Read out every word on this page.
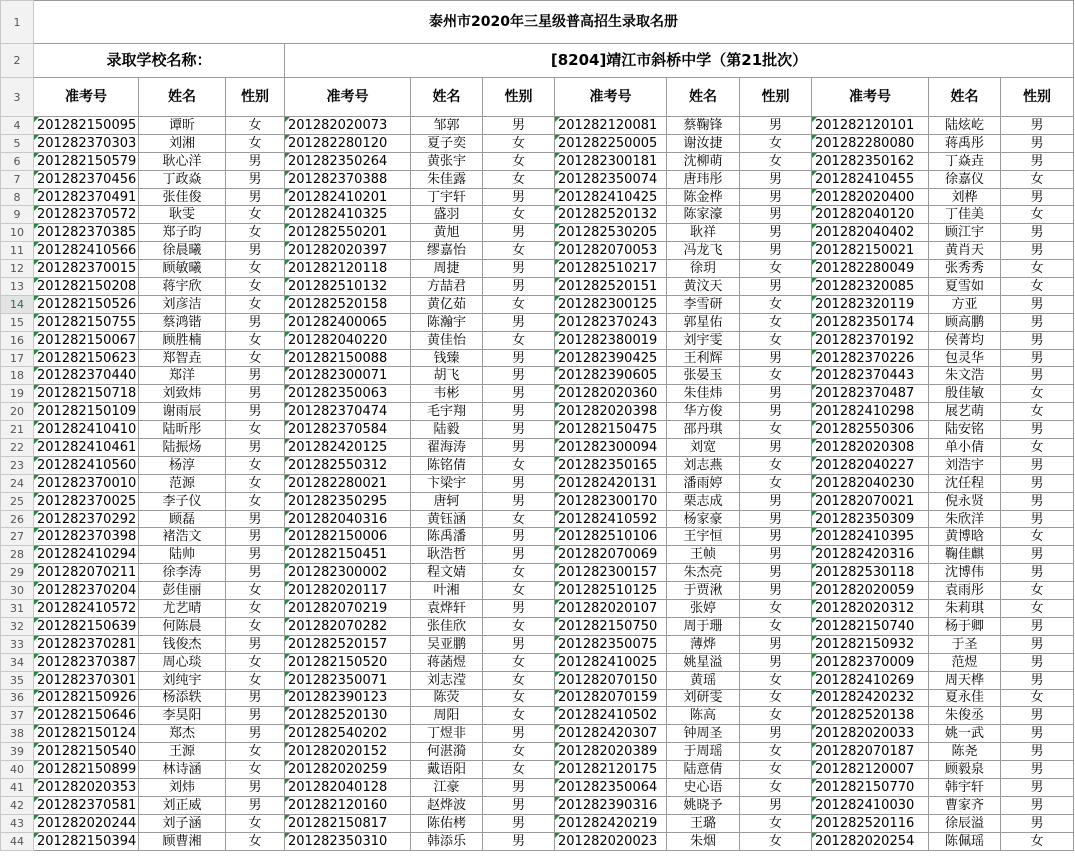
1	泰州市2020年三星级普高招生录取名册											
2	录取学校名称：			[8204]靖江市斜桥中学（第21批次）								
3	准考号	姓名	性别	准考号	姓名	性别	准考号	姓名	性别	准考号	姓名	性别
4	201282150095	谭昕	女	201282020073	邹郭	男	201282120081	蔡鞠锋	男	201282120101	陆炫屹	男
5	201282370303	刘湘	女	201282280120	夏子奕	女	201282250005	谢汝捷	女	201282280080	蒋禹彤	男
6	201282150579	耿心洋	男	201282350264	黄张宇	女	201282300181	沈柳萌	女	201282350162	丁焱垚	男
7	201282370456	丁政焱	男	201282370388	朱佳露	女	201282350074	唐玮彤	男	201282410455	徐嘉仪	女
8	201282370491	张佳俊	男	201282410201	丁宇轩	男	201282410425	陈金桦	男	201282020400	刘桦	男
9	201282370572	耿雯	女	201282410325	盛羽	女	201282520132	陈家濠	男	201282040120	丁佳美	女
10	201282370385	郑子昀	女	201282550201	黄旭	男	201282530205	耿祥	男	201282040402	顾江宇	男
11	201282410566	徐晨曦	男	201282020397	缪嘉怡	女	201282070053	冯龙飞	男	201282150021	黄肖天	男
12	201282370015	顾敏曦	女	201282120118	周捷	男	201282510217	徐玥	女	201282280049	张秀秀	女
13	201282150208	蒋宇欣	女	201282510132	方喆君	男	201282520151	黄汶天	男	201282320085	夏雪如	女
14	201282150526	刘彦洁	女	201282520158	黄亿茹	女	201282300125	李雪研	女	201282320119	方亚	男
15	201282150755	蔡鸿锴	男	201282400065	陈瀚宇	男	201282370243	郭星佑	女	201282350174	顾高鹏	男
16	201282150067	顾胜楠	女	201282040220	黄佳怡	女	201282380019	刘宇雯	女	201282370192	侯菁均	男
17	201282150623	郑智垚	女	201282150088	钱臻	男	201282390425	王利辉	男	201282370226	包灵华	男
18	201282370440	郑洋	男	201282300071	胡飞	男	201282390605	张晏玉	女	201282370443	朱文浩	男
19	201282150718	刘致炜	男	201282350063	韦彬	男	201282020360	朱佳炜	男	201282370487	殷佳敏	女
20	201282150109	谢雨辰	男	201282370474	毛宇翔	男	201282020398	华方俊	男	201282410298	展艺萌	女
21	201282410410	陆昕彤	女	201282370584	陆毅	男	201282150475	邵丹琪	女	201282550306	陆安铭	男
22	201282410461	陆振炀	男	201282420125	翟海涛	男	201282300094	刘宽	男	201282020308	单小倩	女
23	201282410560	杨淳	女	201282550312	陈铭倩	女	201282350165	刘志燕	女	201282040227	刘浩宇	男
24	201282370010	范源	女	201282280021	卞梁宇	男	201282420131	潘雨婷	女	201282040230	沈任程	男
25	201282370025	李子仪	女	201282350295	唐轲	男	201282300170	栗志成	男	201282070021	倪永贤	男
26	201282370292	顾磊	男	201282040316	黄钰涵	女	201282410592	杨家豪	男	201282350309	朱欣洋	男
27	201282370398	褚浩文	男	201282150006	陈禹潘	男	201282510106	王宇恒	男	201282410395	黄博晗	女
28	201282410294	陆帅	男	201282150451	耿浩哲	男	201282070069	王帧	男	201282420316	鞠佳麒	男
29	201282070211	徐李涛	男	201282300002	程文婧	女	201282300157	朱杰亮	男	201282530118	沈博伟	男
30	201282370204	彭佳丽	女	201282020117	叶湘	女	201282510125	于贾湫	男	201282020059	袁雨彤	女
31	201282410572	尤艺晴	女	201282070219	袁烨轩	男	201282020107	张婷	女	201282020312	朱莉琪	女
32	201282150639	何陈晨	女	201282070282	张佳欣	女	201282150750	周于珊	女	201282150740	杨于卿	男
33	201282370281	钱俊杰	男	201282520157	吴亚鹏	男	201282350075	薄烨	男	201282150932	于圣	男
34	201282370387	周心琰	女	201282150520	蒋菡煜	女	201282410025	姚星溢	男	201282370009	范煜	男
35	201282370301	刘纯宇	女	201282350071	刘志滢	女	201282070150	黄瑶	女	201282410269	周天桦	男
36	201282150926	杨添轶	男	201282390123	陈荧	女	201282070159	刘研雯	女	201282420232	夏永佳	女
37	201282150646	李昊阳	男	201282520130	周阳	女	201282410502	陈高	女	201282520138	朱俊丞	男
38	201282150124	郑杰	男	201282540202	丁煜非	男	201282420307	钟周圣	男	201282020033	姚一武	男
39	201282150540	王源	女	201282020152	何湛漪	女	201282020389	于周瑶	女	201282070187	陈尧	男
40	201282150899	林诗涵	女	201282020259	戴语阳	女	201282120175	陆意倩	女	201282120007	顾毅泉	男
41	201282020353	刘炜	男	201282040128	江豪	男	201282350064	史心语	女	201282150770	韩宇轩	男
42	201282370581	刘正威	男	201282120160	赵烨波	男	201282390316	姚晓予	男	201282410030	曹家齐	男
43	201282020244	刘子涵	女	201282150817	陈佑栲	男	201282420219	王璐	女	201282520116	徐辰溢	男
44	201282150394	顾曹湘	女	201282350310	韩添乐	男	201282020023	朱烟	女	201282020254	陈佩瑶	女
